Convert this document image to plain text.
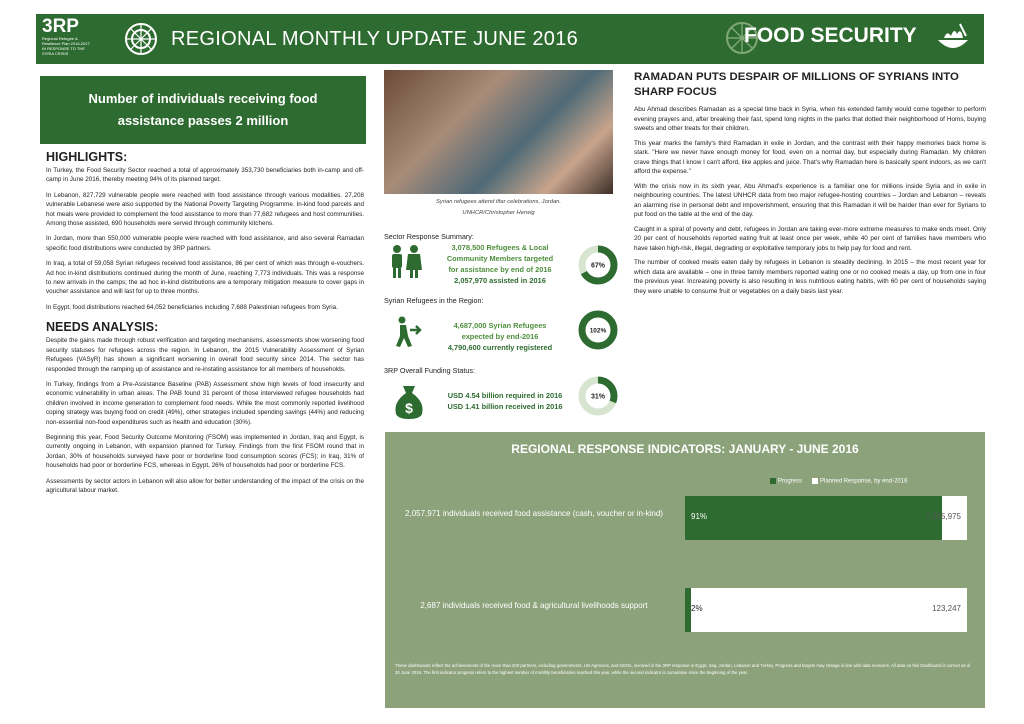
3RP
Regional Refugee & Resilience Plan 2016-2017 IN RESPONSE TO THE SYRIA CRISIS
REGIONAL MONTHLY UPDATE JUNE 2016	FOOD SECURITY
Number of individuals receiving food assistance passes 2 million
HIGHLIGHTS:

In Turkey, the Food Security Sector reached a total of approximately 353,730 beneficiaries both in-camp and off-camp in June 2016, thereby meeting 94% of its planned target.

In Lebanon, 827,729 vulnerable people were reached with food assistance through various modalities. 27,208 vulnerable Lebanese were also supported by the National Poverty Targeting Programme. In-kind food parcels and hot meals were provided to complement the food assistance to more than 77,682 refugees and host communities. Among those assisted, 690 households were served through community kitchens.

In Jordan, more than 550,000 vulnerable people were reached with food assistance, and also several Ramadan specific food distributions were conducted by 3RP partners.

In Iraq, a total of 59,058 Syrian refugees received food assistance, 86 per cent of which was through e-vouchers. Ad hoc in-kind distributions continued during the month of June, reaching 7,773 individuals. This was a response to new arrivals in the camps; the ad hoc in-kind distributions are a temporary mitigation measure to cover gaps in voucher assistance and will last for up to three months.

In Egypt, food distributions reached 64,052 beneficiaries including 7,688 Palestinian refugees from Syria.

NEEDS ANALYSIS:

Despite the gains made through robust verification and targeting mechanisms, assessments show worsening food security statuses for refugees across the region. In Lebanon, the 2015 Vulnerability Assessment of Syrian Refugees (VASyR) has shown a significant worsening in overall food security since 2014. The sector has responded through the ramping up of assistance and re-instating assistance for all members of households.

In Turkey, findings from a Pre-Assistance Baseline (PAB) Assessment show high levels of food insecurity and economic vulnerability in urban areas. The PAB found 31 percent of those interviewed refugee households had children involved in income generation to complement food needs. While the most commonly reported livelihood coping strategy was buying food on credit (49%), other strategies included spending savings (44%) and reducing non-essential non-food expenditures such as health and education (30%).

Beginning this year, Food Security Outcome Monitoring (FSOM) was implemented in Jordan, Iraq and Egypt, is currently ongoing in Lebanon, with expansion planned for Turkey. Findings from the first FSOM round that in Jordan, 30% of households surveyed have poor or borderline food consumption scores (FCS); in Iraq, 31% of households had poor or borderline FCS, whereas in Egypt, 26% of households had poor or borderline FCS.

Assessments by sector actors in Lebanon will also allow for better understanding of the impact of the crisis on the agricultural labour market.

Syrian refugees attend iftar celebrations, Jordan.
UNHCR/Christopher Herwig
Sector Response Summary:
3,078,500 Refugees & Local
Community Members targeted
for assistance by end of 2016
2,057,970 assisted in 2016
67%
Syrian Refugees in the Region:
4,687,000 Syrian Refugees
expected by end-2016
4,790,600 currently registered
102%
3RP Overall Funding Status:
$
USD 4.54 billion required in 2016
USD 1.41 billion received in 2016
31%
RAMADAN PUTS DESPAIR OF MILLIONS OF SYRIANS INTO SHARP FOCUS

Abu Ahmad describes Ramadan as a special time back in Syria, when his extended family would come together to perform evening prayers and, after breaking their fast, spend long nights in the parks that dotted their neighborhood of Homs, buying sweets and other treats for their children.

This year marks the family's third Ramadan in exile in Jordan, and the contrast with their happy memories back home is stark. "Here we never have enough money for food, even on a normal day, but especially during Ramadan. My children crave things that I know I can't afford, like apples and juice. That's why Ramadan here is basically spent indoors, as we can't afford the expense."

With the crisis now in its sixth year, Abu Ahmad's experience is a familiar one for millions inside Syria and in exile in neighbouring countries. The latest UNHCR data from two major refugee-hosting countries – Jordan and Lebanon – reveals an alarming rise in personal debt and impoverishment, ensuring that this Ramadan it will be harder than ever for Syrians to put food on the table at the end of the day.

Caught in a spiral of poverty and debt, refugees in Jordan are taking ever-more extreme measures to make ends meet. Only 20 per cent of households reported eating fruit at least once per week, while 40 per cent of families have members who have taken high-risk, illegal, degrading or exploitative temporary jobs to help pay for food and rent.

The number of cooked meals eaten daily by refugees in Lebanon is steadily declining. In 2015 – the most recent year for which data are available – one in three family members reported eating one or no cooked meals a day, up from one in four the previous year. Increasing poverty is also resulting in less nutritious eating habits, with 60 per cent of households saying they were unable to consume fruit or vegetables on a daily basis last year.

REGIONAL RESPONSE INDICATORS: JANUARY - JUNE 2016
Progress	Planned Response, by end-2016
2,057,971 individuals received food assistance (cash, voucher or in-kind)	91%	2,255,975
2,687 individuals received food & agricultural livelihoods support	2%	123,247
These dashboards reflect the achievements of the more than 200 partners, including governments, UN Agencies, and NGOs, involved in the 3RP response in Egypt, Iraq, Jordan, Lebanon and Turkey. Progress and targets may change in line with data revisions. All data on this Dashboard is correct as of 30 June 2016. The first indicator progress refers to the highest number of monthly beneficiaries reached this year, while the second indicator is cumulative since the beginning of the year.
